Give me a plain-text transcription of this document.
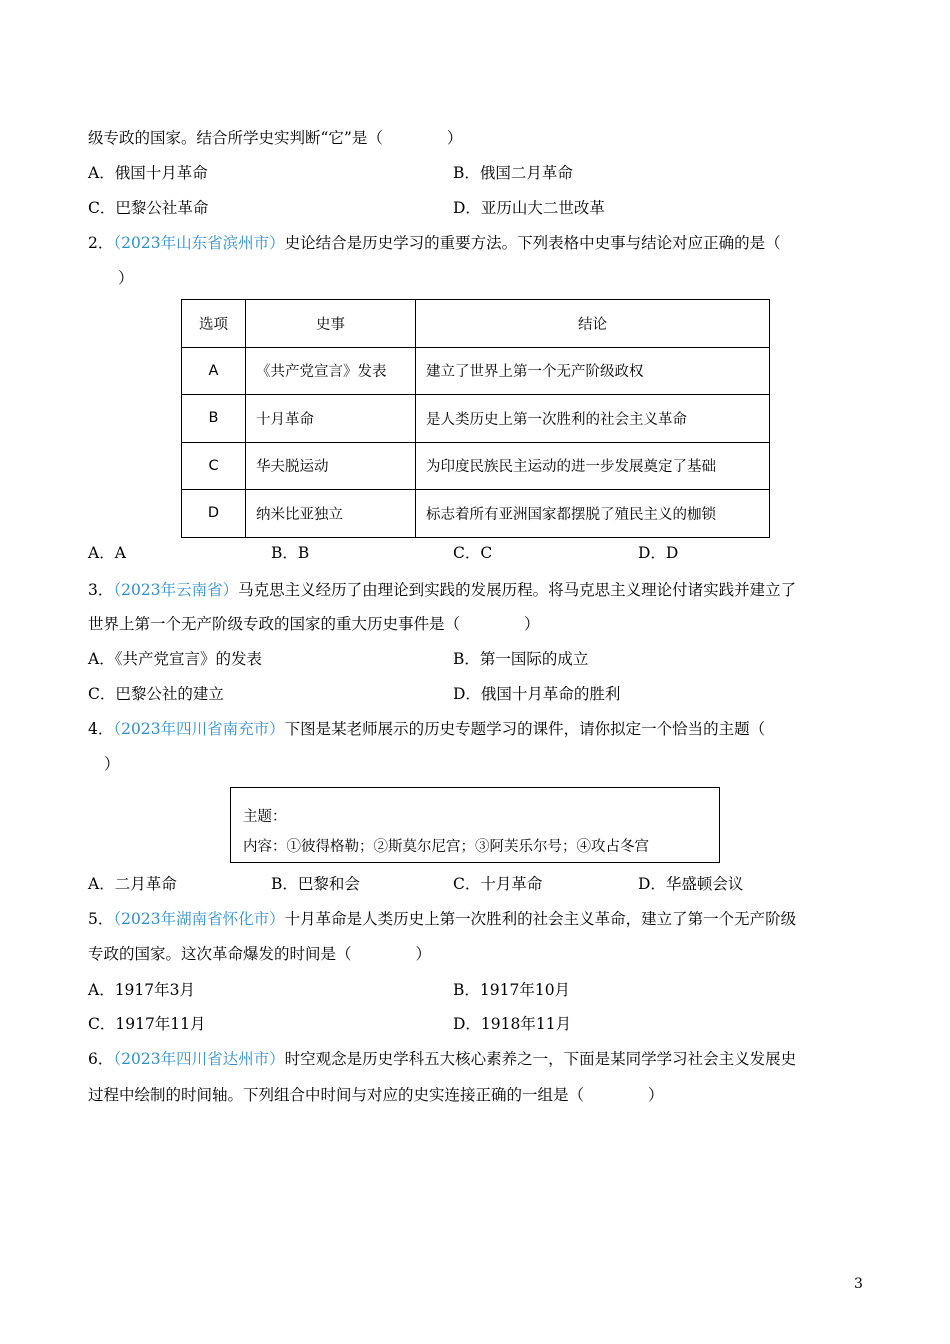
级专政的国家。结合所学史实判断“它”是（	）
A．俄国十月革命	B．俄国二月革命
C．巴黎公社革命	D．亚历山大二世改革
2．（2023年山东省滨州市）史论结合是历史学习的重要方法。下列表格中史事与结论对应正确的是（
）
选项	史事	结论
A	《共产党宣言》发表	建立了世界上第一个无产阶级政权
B	十月革命	是人类历史上第一次胜利的社会主义革命
C	华夫脱运动	为印度民族民主运动的进一步发展奠定了基础
D	纳米比亚独立	标志着所有亚洲国家都摆脱了殖民主义的枷锁
A．A	B．B	C．C	D．D
3．（2023年云南省）马克思主义经历了由理论到实践的发展历程。将马克思主义理论付诸实践并建立了
世界上第一个无产阶级专政的国家的重大历史事件是（	）
A．《共产党宣言》的发表	B．第一国际的成立
C．巴黎公社的建立	D．俄国十月革命的胜利
4．（2023年四川省南充市）下图是某老师展示的历史专题学习的课件，请你拟定一个恰当的主题（
）
主题：
内容：①彼得格勒；②斯莫尔尼宫；③阿芙乐尔号；④攻占冬宫
A．二月革命	B．巴黎和会	C．十月革命	D．华盛顿会议
5．（2023年湖南省怀化市）十月革命是人类历史上第一次胜利的社会主义革命，建立了第一个无产阶级
专政的国家。这次革命爆发的时间是（	）
A．1917年3月	B．1917年10月
C．1917年11月	D．1918年11月
6．（2023年四川省达州市）时空观念是历史学科五大核心素养之一，下面是某同学学习社会主义发展史
过程中绘制的时间轴。下列组合中时间与对应的史实连接正确的一组是（	）
3
